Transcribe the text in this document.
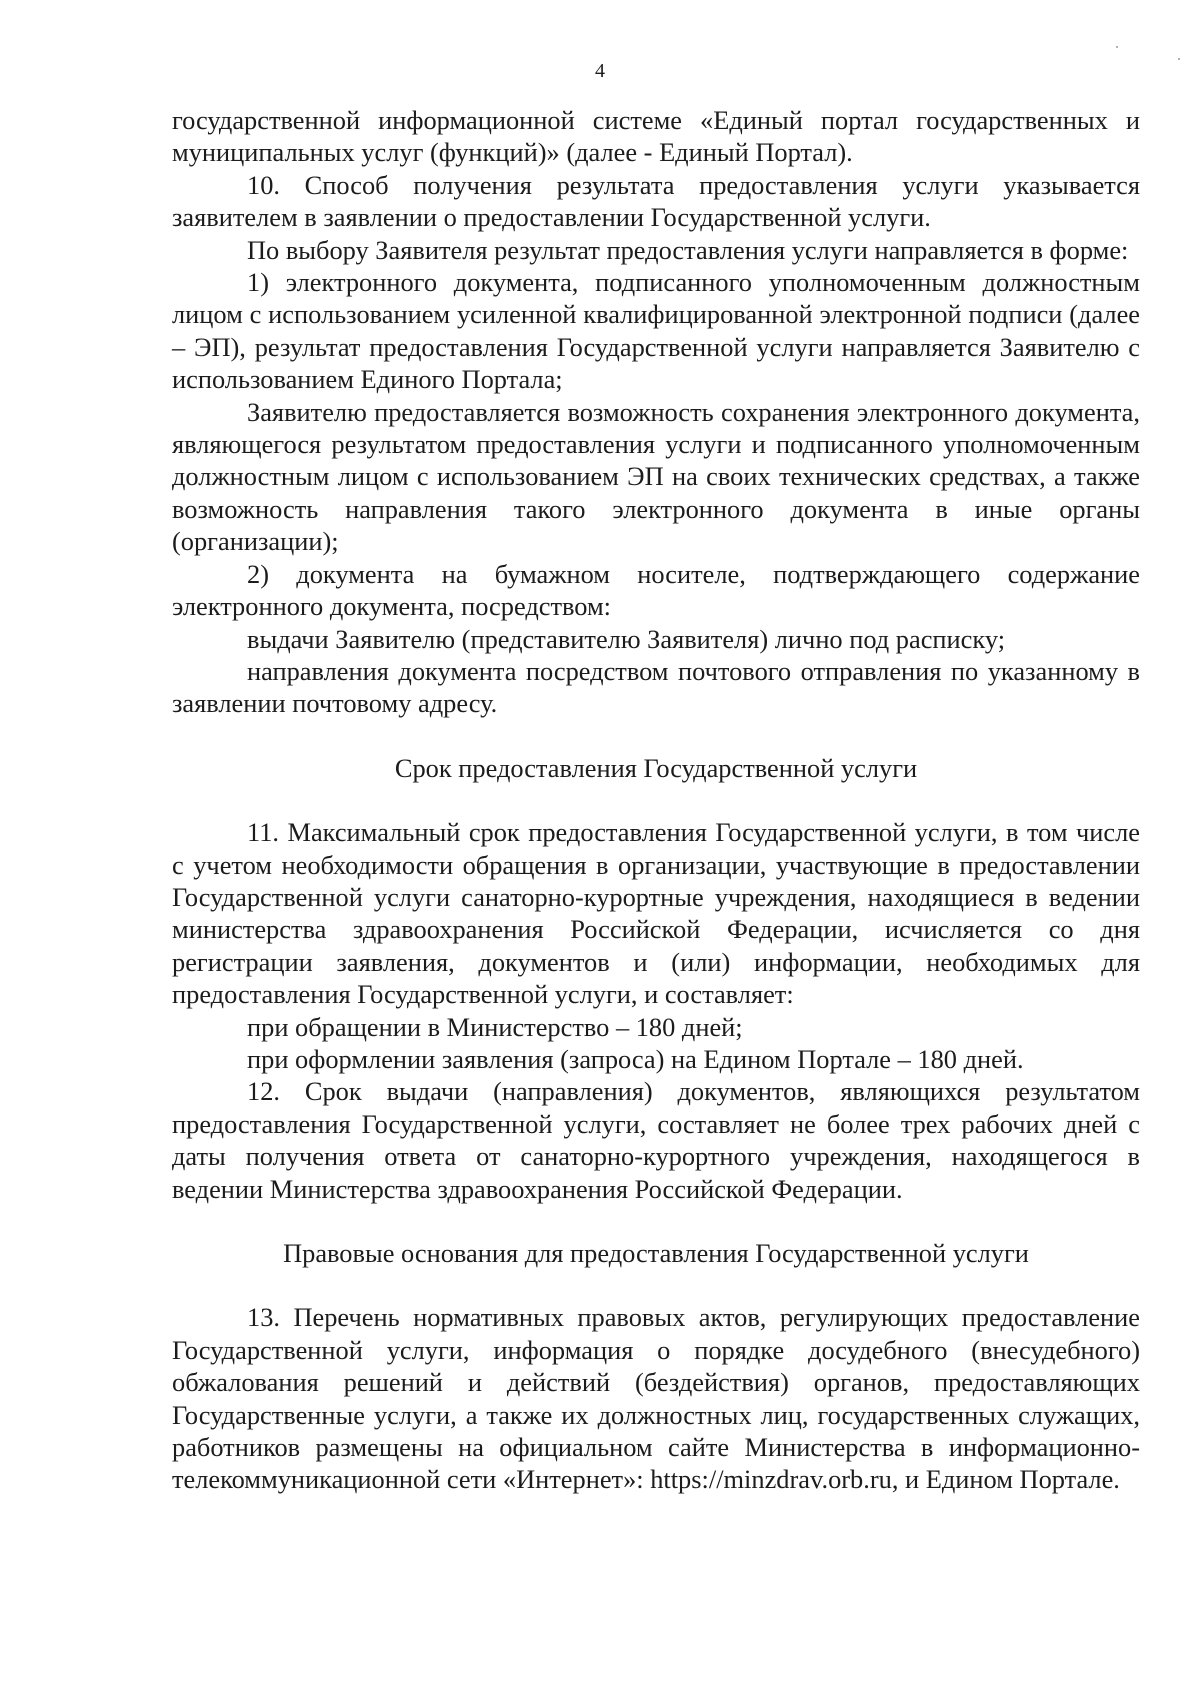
4

государственной информационной системе «Единый портал государственных и муниципальных услуг (функций)» (далее - Единый Портал).

10. Способ получения результата предоставления услуги указывается заявителем в заявлении о предоставлении Государственной услуги.

По выбору Заявителя результат предоставления услуги направляется в форме:

1) электронного документа, подписанного уполномоченным должностным лицом с использованием усиленной квалифицированной электронной подписи (далее – ЭП), результат предоставления Государственной услуги направляется Заявителю с использованием Единого Портала;

Заявителю предоставляется возможность сохранения электронного документа, являющегося результатом предоставления услуги и подписанного уполномоченным должностным лицом с использованием ЭП на своих технических средствах, а также возможность направления такого электронного документа в иные органы (организации);

2) документа на бумажном носителе, подтверждающего содержание электронного документа, посредством:

выдачи Заявителю (представителю Заявителя) лично под расписку;

направления документа посредством почтового отправления по указанному в заявлении почтовому адресу.

Срок предоставления Государственной услуги

11. Максимальный срок предоставления Государственной услуги, в том числе с учетом необходимости обращения в организации, участвующие в предоставлении Государственной услуги санаторно-курортные учреждения, находящиеся в ведении министерства здравоохранения Российской Федерации, исчисляется со дня регистрации заявления, документов и (или) информации, необходимых для предоставления Государственной услуги, и составляет:

при обращении в Министерство – 180 дней;

при оформлении заявления (запроса) на Едином Портале – 180 дней.

12. Срок выдачи (направления) документов, являющихся результатом предоставления Государственной услуги, составляет не более трех рабочих дней с даты получения ответа от санаторно-курортного учреждения, находящегося в ведении Министерства здравоохранения Российской Федерации.

Правовые основания для предоставления Государственной услуги

13. Перечень нормативных правовых актов, регулирующих предоставление Государственной услуги, информация о порядке досудебного (внесудебного) обжалования решений и действий (бездействия) органов, предоставляющих Государственные услуги, а также их должностных лиц, государственных служащих, работников размещены на официальном сайте Министерства в информационно-телекоммуникационной сети «Интернет»: https://minzdrav.orb.ru, и Едином Портале.
